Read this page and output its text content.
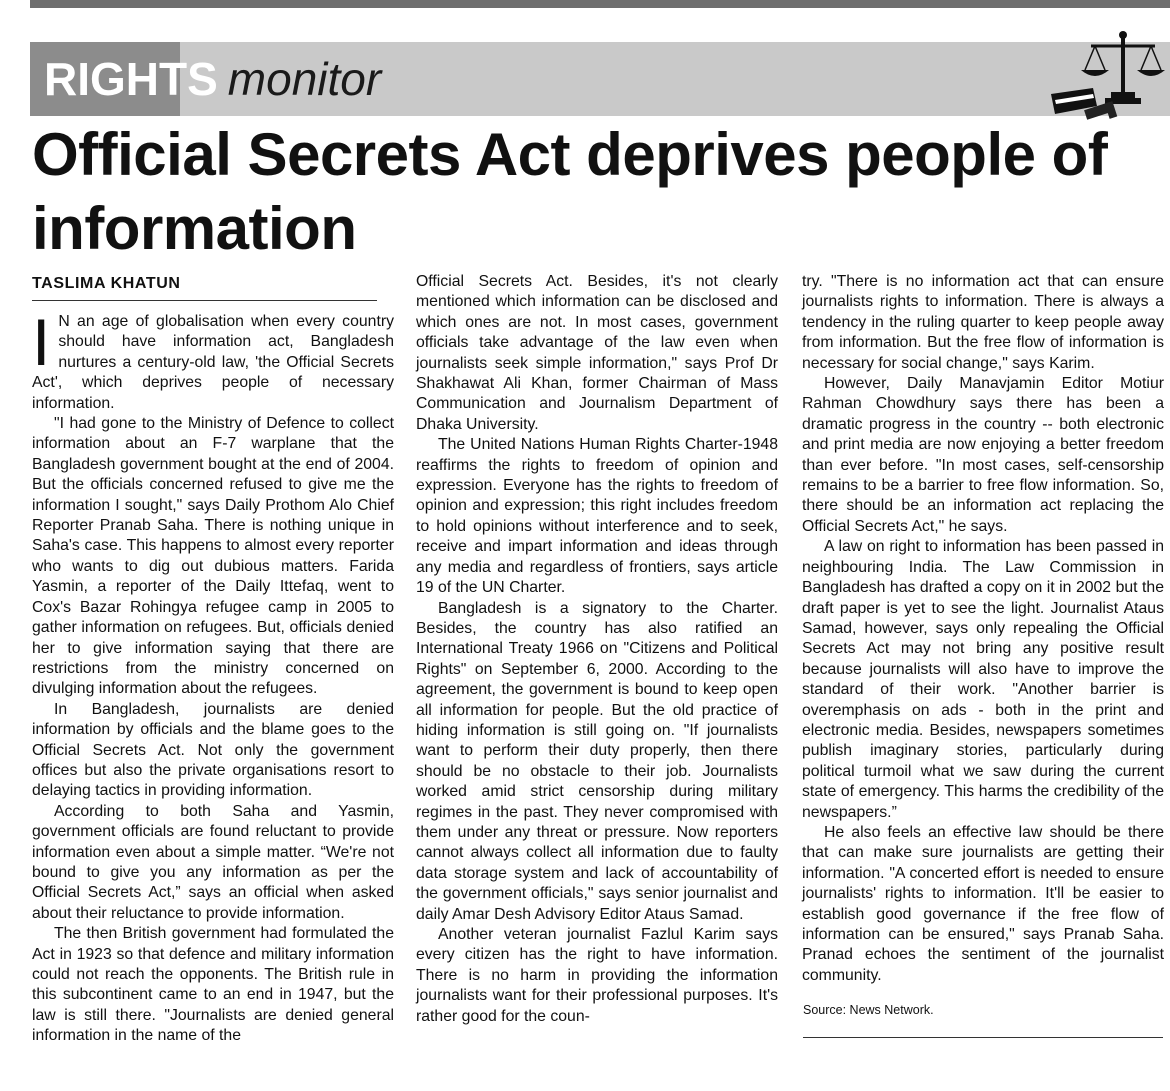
RIGHTS monitor
Official Secrets Act deprives people of information
TASLIMA KHATUN

I N an age of globalisation when every country should have information act, Bangladesh nurtures a century-old law, 'the Official Secrets Act', which deprives people of necessary information.

"I had gone to the Ministry of Defence to collect information about an F-7 warplane that the Bangladesh government bought at the end of 2004. But the officials concerned refused to give me the information I sought," says Daily Prothom Alo Chief Reporter Pranab Saha. There is nothing unique in Saha's case. This happens to almost every reporter who wants to dig out dubious matters. Farida Yasmin, a reporter of the Daily Ittefaq, went to Cox's Bazar Rohingya refugee camp in 2005 to gather information on refugees. But, officials denied her to give information saying that there are restrictions from the ministry concerned on divulging information about the refugees.

In Bangladesh, journalists are denied information by officials and the blame goes to the Official Secrets Act. Not only the government offices but also the private organisations resort to delaying tactics in providing information.

According to both Saha and Yasmin, government officials are found reluctant to provide information even about a simple matter. “We're not bound to give you any information as per the Official Secrets Act,” says an official when asked about their reluctance to provide information.

The then British government had formulated the Act in 1923 so that defence and military information could not reach the opponents. The British rule in this subcontinent came to an end in 1947, but the law is still there. "Journalists are denied general information in the name of the

Official Secrets Act. Besides, it's not clearly mentioned which information can be disclosed and which ones are not. In most cases, government officials take advantage of the law even when journalists seek simple information," says Prof Dr Shakhawat Ali Khan, former Chairman of Mass Communication and Journalism Department of Dhaka University.

The United Nations Human Rights Charter-1948 reaffirms the rights to freedom of opinion and expression. Everyone has the rights to freedom of opinion and expression; this right includes freedom to hold opinions without interference and to seek, receive and impart information and ideas through any media and regardless of frontiers, says article 19 of the UN Charter.

Bangladesh is a signatory to the Charter. Besides, the country has also ratified an International Treaty 1966 on "Citizens and Political Rights" on September 6, 2000. According to the agreement, the government is bound to keep open all information for people. But the old practice of hiding information is still going on. "If journalists want to perform their duty properly, then there should be no obstacle to their job. Journalists worked amid strict censorship during military regimes in the past. They never compromised with them under any threat or pressure. Now reporters cannot always collect all information due to faulty data storage system and lack of accountability of the government officials," says senior journalist and daily Amar Desh Advisory Editor Ataus Samad.

Another veteran journalist Fazlul Karim says every citizen has the right to have information. There is no harm in providing the information journalists want for their professional purposes. It's rather good for the coun-

try. "There is no information act that can ensure journalists rights to information. There is always a tendency in the ruling quarter to keep people away from information. But the free flow of information is necessary for social change," says Karim.

However, Daily Manavjamin Editor Motiur Rahman Chowdhury says there has been a dramatic progress in the country -- both electronic and print media are now enjoying a better freedom than ever before. "In most cases, self-censorship remains to be a barrier to free flow information. So, there should be an information act replacing the Official Secrets Act," he says.

A law on right to information has been passed in neighbouring India. The Law Commission in Bangladesh has drafted a copy on it in 2002 but the draft paper is yet to see the light. Journalist Ataus Samad, however, says only repealing the Official Secrets Act may not bring any positive result because journalists will also have to improve the standard of their work. "Another barrier is overemphasis on ads - both in the print and electronic media. Besides, newspapers sometimes publish imaginary stories, particularly during political turmoil what we saw during the current state of emergency. This harms the credibility of the newspapers.”

He also feels an effective law should be there that can make sure journalists are getting their information. "A concerted effort is needed to ensure journalists' rights to information. It'll be easier to establish good governance if the free flow of information can be ensured," says Pranab Saha. Pranad echoes the sentiment of the journalist community.

Source: News Network.
